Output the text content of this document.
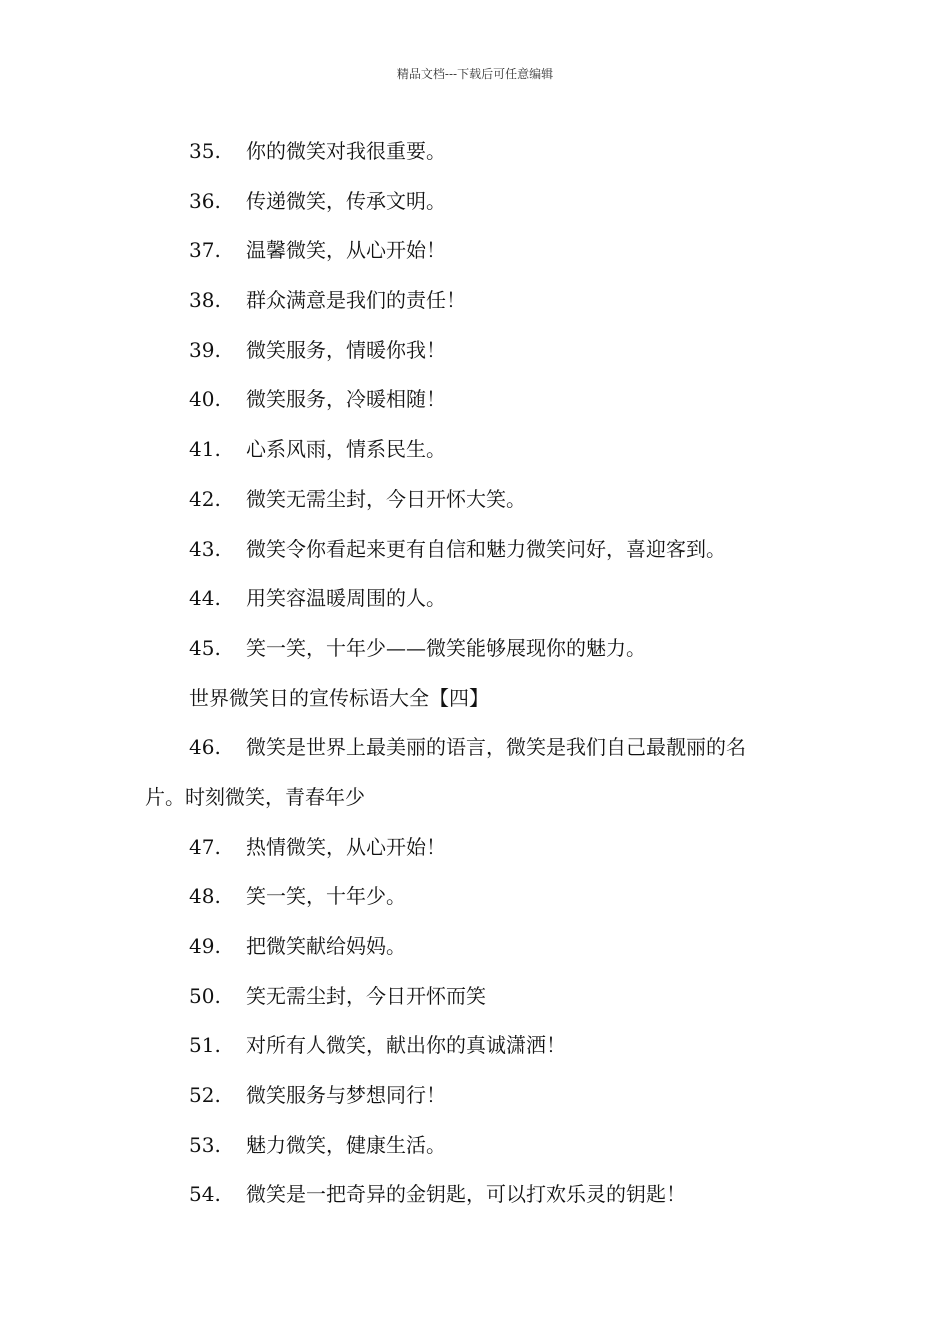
精品文档---下载后可任意编辑
35. 你的微笑对我很重要。
36. 传递微笑，传承文明。
37. 温馨微笑，从心开始！
38. 群众满意是我们的责任！
39. 微笑服务，情暖你我！
40. 微笑服务，冷暖相随！
41. 心系风雨，情系民生。
42. 微笑无需尘封，今日开怀大笑。
43. 微笑令你看起来更有自信和魅力微笑问好，喜迎客到。
44. 用笑容温暖周围的人。
45. 笑一笑，十年少——微笑能够展现你的魅力。
世界微笑日的宣传标语大全【四】
46. 微笑是世界上最美丽的语言，微笑是我们自己最靓丽的名
片。时刻微笑，青春年少
47. 热情微笑，从心开始！
48. 笑一笑，十年少。
49. 把微笑献给妈妈。
50. 笑无需尘封，今日开怀而笑
51. 对所有人微笑，献出你的真诚潇洒！
52. 微笑服务与梦想同行！
53. 魅力微笑，健康生活。
54. 微笑是一把奇异的金钥匙，可以打欢乐灵的钥匙！
